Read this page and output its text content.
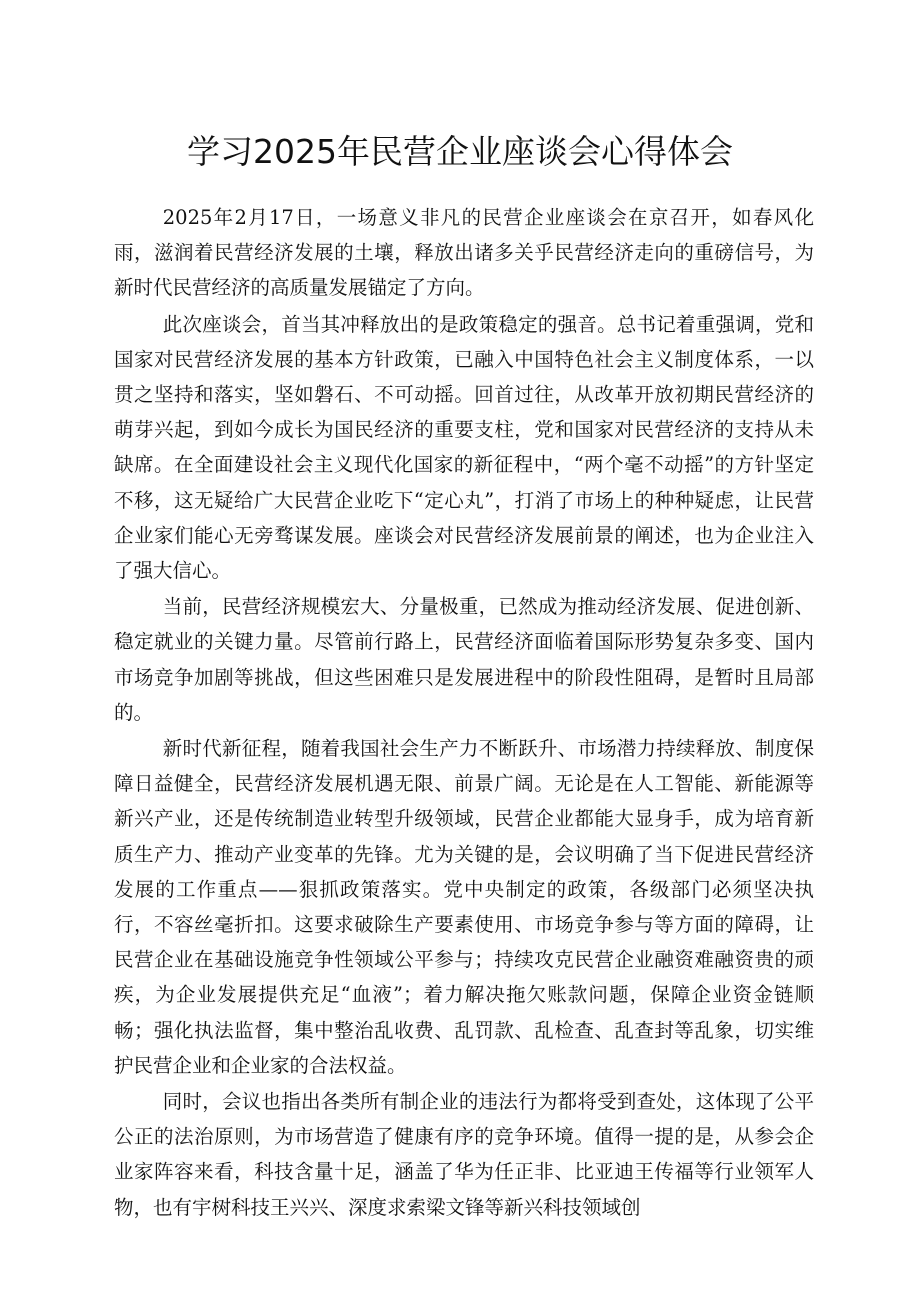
学习2025年民营企业座谈会心得体会

2025年2月17日，一场意义非凡的民营企业座谈会在京召开，如春风化雨，滋润着民营经济发展的土壤，释放出诸多关乎民营经济走向的重磅信号，为新时代民营经济的高质量发展锚定了方向。

此次座谈会，首当其冲释放出的是政策稳定的强音。总书记着重强调，党和国家对民营经济发展的基本方针政策，已融入中国特色社会主义制度体系，一以贯之坚持和落实，坚如磐石、不可动摇。回首过往，从改革开放初期民营经济的萌芽兴起，到如今成长为国民经济的重要支柱，党和国家对民营经济的支持从未缺席。在全面建设社会主义现代化国家的新征程中，“两个毫不动摇”的方针坚定不移，这无疑给广大民营企业吃下“定心丸”，打消了市场上的种种疑虑，让民营企业家们能心无旁骛谋发展。座谈会对民营经济发展前景的阐述，也为企业注入了强大信心。

当前，民营经济规模宏大、分量极重，已然成为推动经济发展、促进创新、稳定就业的关键力量。尽管前行路上，民营经济面临着国际形势复杂多变、国内市场竞争加剧等挑战，但这些困难只是发展进程中的阶段性阻碍，是暂时且局部的。

新时代新征程，随着我国社会生产力不断跃升、市场潜力持续释放、制度保障日益健全，民营经济发展机遇无限、前景广阔。无论是在人工智能、新能源等新兴产业，还是传统制造业转型升级领域，民营企业都能大显身手，成为培育新质生产力、推动产业变革的先锋。尤为关键的是，会议明确了当下促进民营经济发展的工作重点——狠抓政策落实。党中央制定的政策，各级部门必须坚决执行，不容丝毫折扣。这要求破除生产要素使用、市场竞争参与等方面的障碍，让民营企业在基础设施竞争性领域公平参与；持续攻克民营企业融资难融资贵的顽疾，为企业发展提供充足“血液”；着力解决拖欠账款问题，保障企业资金链顺畅；强化执法监督，集中整治乱收费、乱罚款、乱检查、乱查封等乱象，切实维护民营企业和企业家的合法权益。

同时，会议也指出各类所有制企业的违法行为都将受到查处，这体现了公平公正的法治原则，为市场营造了健康有序的竞争环境。值得一提的是，从参会企业家阵容来看，科技含量十足，涵盖了华为任正非、比亚迪王传福等行业领军人物，也有宇树科技王兴兴、深度求索梁文锋等新兴科技领域创
